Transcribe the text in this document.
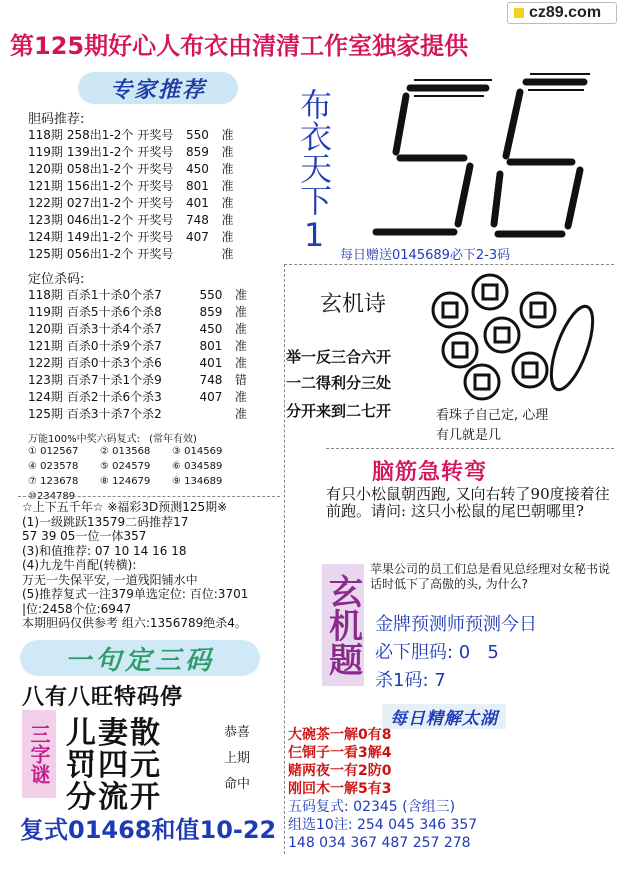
cz89.com
第125期好心人布衣由清清工作室独家提供
专家推荐
胆码推荐:
118期	258出1-2个	开奖号	550	准
119期	139出1-2个	开奖号	859	准
120期	058出1-2个	开奖号	450	准
121期	156出1-2个	开奖号	801	准
122期	027出1-2个	开奖号	401	准
123期	046出1-2个	开奖号	748	准
124期	149出1-2个	开奖号	407	准
125期	056出1-2个	开奖号		准
定位杀码:
118期	百杀1十杀0个杀7	550	准
119期	百杀5十杀6个杀8	859	准
120期	百杀3十杀4个杀7	450	准
121期	百杀0十杀9个杀7	801	准
122期	百杀0十杀3个杀6	401	准
123期	百杀7十杀1个杀9	748	错
124期	百杀2十杀6个杀3	407	准
125期	百杀3十杀7个杀2		准
万能100%中奖六码复式: (常年有效)
① 012567	② 013568	③ 014569
④ 023578	⑤ 024579	⑥ 034589
⑦ 123678	⑧ 124679	⑨ 134689
⑩234789
☆上下五千年☆ ※福彩3D预测125期※
(1)一级跳跃13579二码推荐17
57 39 05一位一体357
(3)和值推荐: 07 10 14 16 18
(4)九龙牛肖配(转横):
万无一失保平安, 一道残阳铺水中
(5)推荐复式一注379单选定位: 百位:3701
|位:2458个位:6947
本期胆码仅供参考 组六:1356789绝杀4。
布衣天下1
每日赠送0145689必下2-3码
玄机诗
举一反三合六开
一二得利分三处
分开来到二七开	看珠子自己定, 心理
有几就是几
脑筋急转弯
有只小松鼠朝西跑, 又向右转了90度接着往前跑。请问: 这只小松鼠的尾巴朝哪里?
玄机题
苹果公司的员工们总是看见总经理对女秘书说话时低下了高傲的头, 为什么?
金牌预测师预测今日
必下胆码: 0   5
杀1码: 7
每日精解太湖
大碗茶一解0有8
仨铜子一看3解4
赌两夜一有2防0
刚回木一解5有3
五码复式: 02345 (含组三)
组选10注: 254 045 346 357
148 034 367 487 257 278
一句定三码
八有八旺特码停
三字谜 儿妻散
罚四元
分流开
恭喜
上期
命中
复式01468和值10-22
